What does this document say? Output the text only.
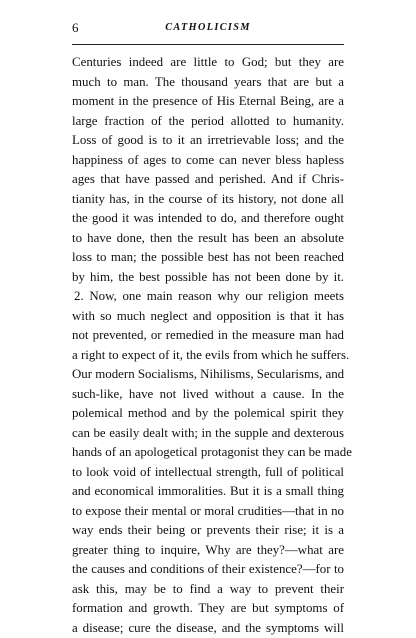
6	CATHOLICISM
Centuries indeed are little to God; but they are
much to man. The thousand years that are but a
moment in the presence of His Eternal Being, are a
large fraction of the period allotted to humanity.
Loss of good is to it an irretrievable loss; and the
happiness of ages to come can never bless hapless
ages that have passed and perished. And if Chris-
tianity has, in the course of its history, not done all
the good it was intended to do, and therefore ought
to have done, then the result has been an absolute
loss to man; the possible best has not been reached
by him, the best possible has not been done by it.
2. Now, one main reason why our religion meets
with so much neglect and opposition is that it has
not prevented, or remedied in the measure man had
a right to expect of it, the evils from which he suffers.
Our modern Socialisms, Nihilisms, Secularisms, and
such-like, have not lived without a cause. In the
polemical method and by the polemical spirit they
can be easily dealt with; in the supple and dexterous
hands of an apologetical protagonist they can be made
to look void of intellectual strength, full of political
and economical immoralities. But it is a small thing
to expose their mental or moral crudities—that in no
way ends their being or prevents their rise; it is a
greater thing to inquire, Why are they?—what are
the causes and conditions of their existence?—for to
ask this, may be to find a way to prevent their
formation and growth. They are but symptoms of
a disease; cure the disease, and the symptoms will
